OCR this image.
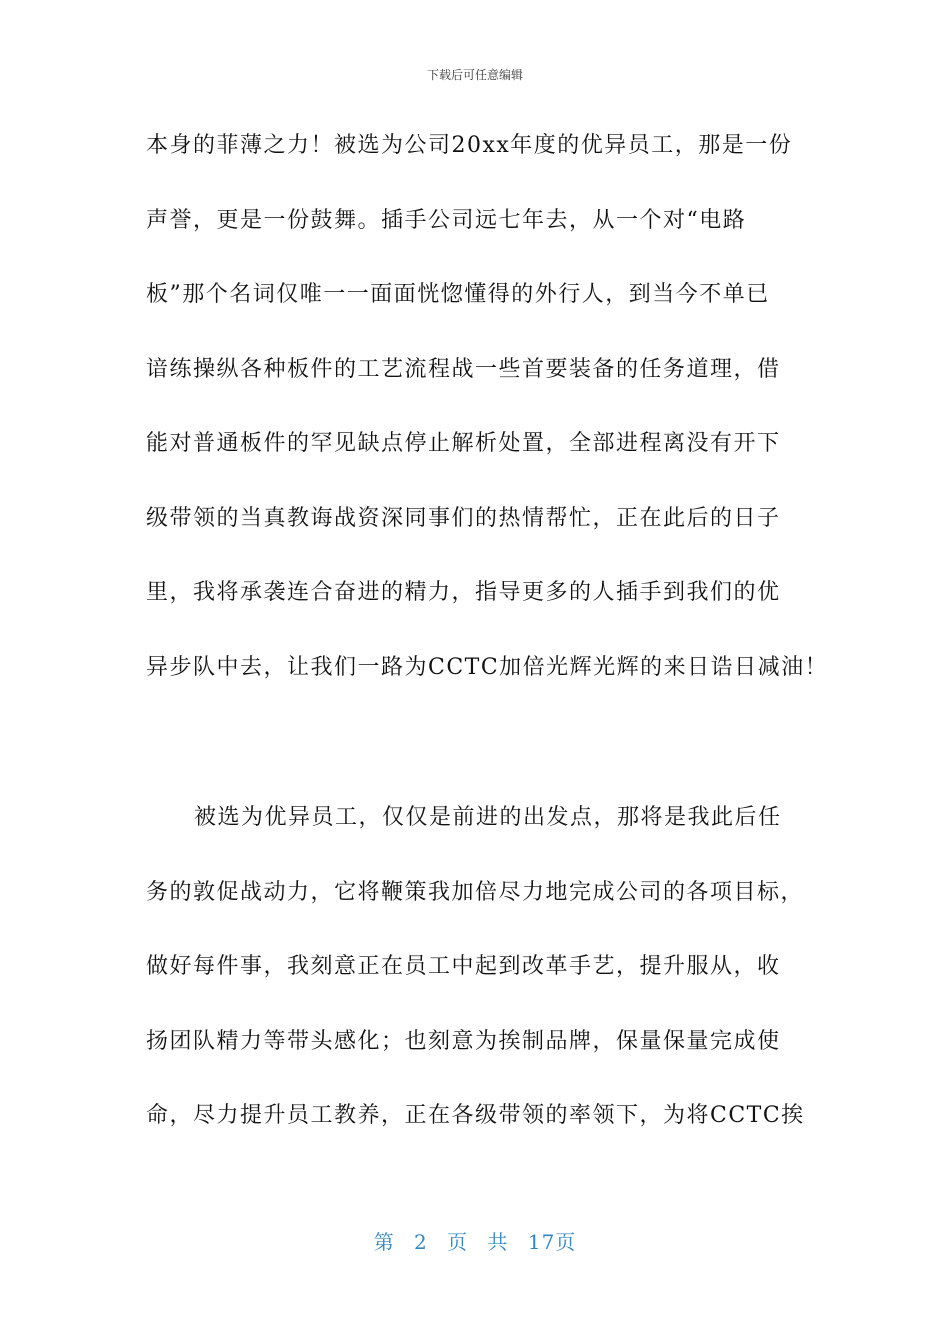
下载后可任意编辑
本身的菲薄之力！被选为公司20xx年度的优异员工，那是一份
声誉，更是一份鼓舞。插手公司远七年去，从一个对“电路
板”那个名词仅唯一一面面恍惚懂得的外行人，到当今不单已
谙练操纵各种板件的工艺流程战一些首要装备的任务道理，借
能对普通板件的罕见缺点停止解析处置，全部进程离没有开下
级带领的当真教诲战资深同事们的热情帮忙，正在此后的日子
里，我将承袭连合奋进的精力，指导更多的人插手到我们的优
异步队中去，让我们一路为CCTC加倍光辉光辉的来日诰日减油！
被选为优异员工，仅仅是前进的出发点，那将是我此后任
务的敦促战动力，它将鞭策我加倍尽力地完成公司的各项目标，
做好每件事，我刻意正在员工中起到改革手艺，提升服从，收
扬团队精力等带头感化；也刻意为挨制品牌，保量保量完成使
命，尽力提升员工教养，正在各级带领的率领下，为将CCTC挨
第 2 页 共 17页
